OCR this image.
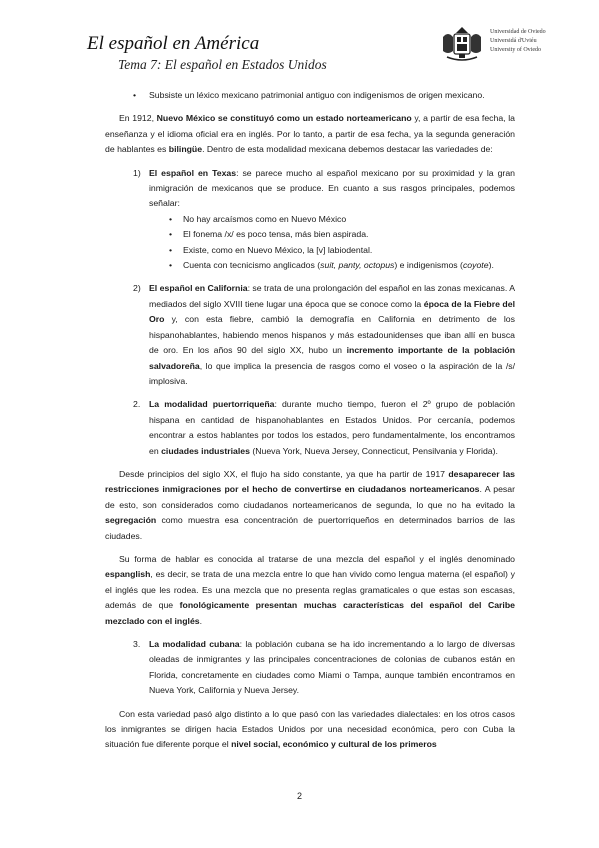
El español en América
Tema 7: El español en Estados Unidos
Universidad de Oviedo
Universidá d'Uviéu
University of Oviedo

• Subsiste un léxico mexicano patrimonial antiguo con indigenismos de origen mexicano.

En 1912, Nuevo México se constituyó como un estado norteamericano y, a partir de esa fecha, la enseñanza y el idioma oficial era en inglés. Por lo tanto, a partir de esa fecha, ya la segunda generación de hablantes es bilingüe. Dentro de esta modalidad mexicana debemos destacar las variedades de:

1) El español en Texas: se parece mucho al español mexicano por su proximidad y la gran inmigración de mexicanos que se produce. En cuanto a sus rasgos principales, podemos señalar:

• No hay arcaísmos como en Nuevo México

• El fonema /x/ es poco tensa, más bien aspirada.

• Existe, como en Nuevo México, la [v] labiodental.

• Cuenta con tecnicismo anglicados (suit, panty, octopus) e indigenismos (coyote).

2) El español en California: se trata de una prolongación del español en las zonas mexicanas. A mediados del siglo XVIII tiene lugar una época que se conoce como la época de la Fiebre del Oro y, con esta fiebre, cambió la demografía en California en detrimento de los hispanohablantes, habiendo menos hispanos y más estadounidenses que iban allí en busca de oro. En los años 90 del siglo XX, hubo un incremento importante de la población salvadoreña, lo que implica la presencia de rasgos como el voseo o la aspiración de la /s/ implosiva.

2. La modalidad puertorriqueña: durante mucho tiempo, fueron el 2º grupo de población hispana en cantidad de hispanohablantes en Estados Unidos. Por cercanía, podemos encontrar a estos hablantes por todos los estados, pero fundamentalmente, los encontramos en ciudades industriales (Nueva York, Nueva Jersey, Connecticut, Pensilvania y Florida).

Desde principios del siglo XX, el flujo ha sido constante, ya que ha partir de 1917 desaparecer las restricciones inmigraciones por el hecho de convertirse en ciudadanos norteamericanos. A pesar de esto, son considerados como ciudadanos norteamericanos de segunda, lo que no ha evitado la segregación como muestra esa concentración de puertorriqueños en determinados barrios de las ciudades.

Su forma de hablar es conocida al tratarse de una mezcla del español y el inglés denominado espanglish, es decir, se trata de una mezcla entre lo que han vivido como lengua materna (el español) y el inglés que les rodea. Es una mezcla que no presenta reglas gramaticales o que estas son escasas, además de que fonológicamente presentan muchas características del español del Caribe mezclado con el inglés.

3. La modalidad cubana: la población cubana se ha ido incrementando a lo largo de diversas oleadas de inmigrantes y las principales concentraciones de colonias de cubanos están en Florida, concretamente en ciudades como Miami o Tampa, aunque también encontramos en Nueva York, California y Nueva Jersey.

Con esta variedad pasó algo distinto a lo que pasó con las variedades dialectales: en los otros casos los inmigrantes se dirigen hacia Estados Unidos por una necesidad económica, pero con Cuba la situación fue diferente porque el nivel social, económico y cultural de los primeros

2
